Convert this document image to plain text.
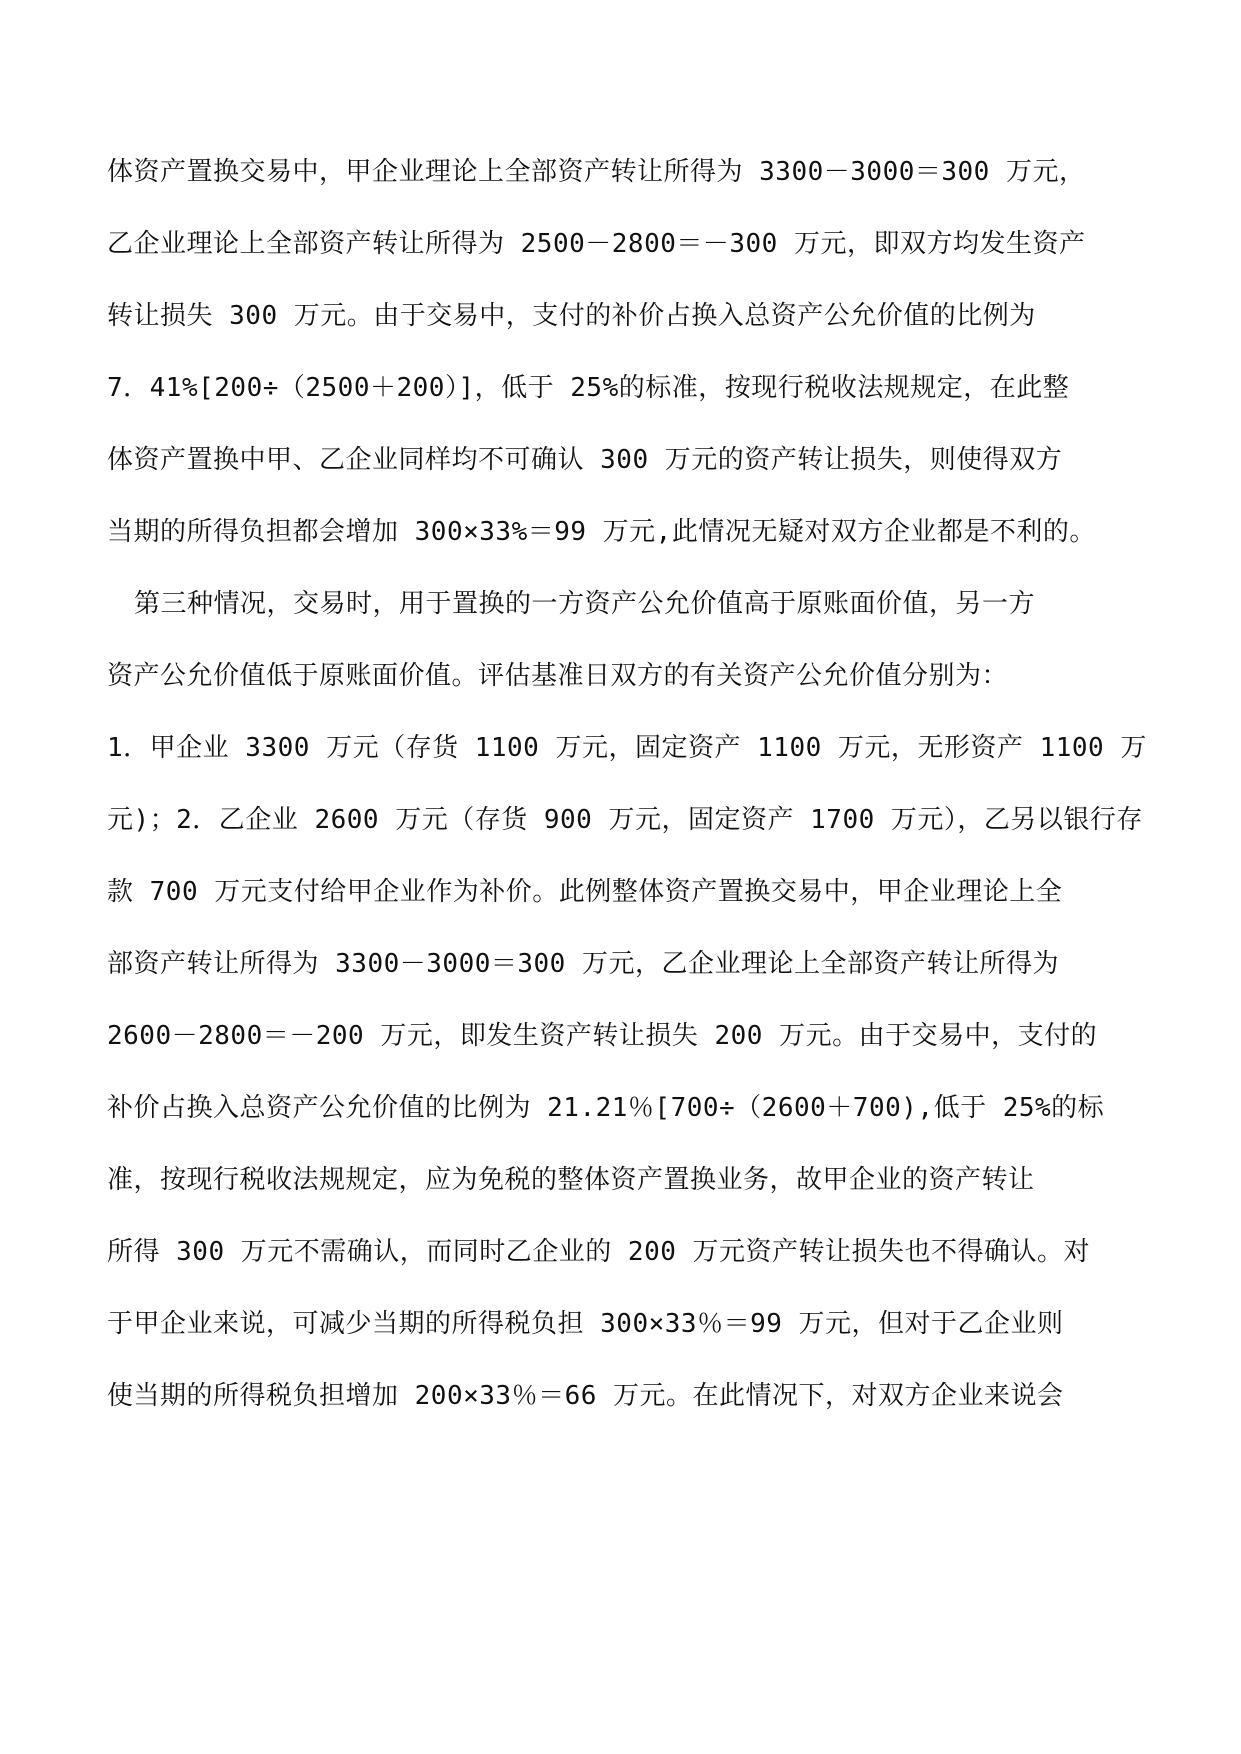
体资产置换交易中，甲企业理论上全部资产转让所得为 3300－3000＝300 万元，
乙企业理论上全部资产转让所得为 2500－2800＝－300 万元，即双方均发生资产
转让损失 300 万元。由于交易中，支付的补价占换入总资产公允价值的比例为
7．41%[200÷（2500＋200）]，低于 25%的标准，按现行税收法规规定，在此整
体资产置换中甲、乙企业同样均不可确认 300 万元的资产转让损失，则使得双方
当期的所得负担都会增加 300×33%＝99 万元,此情况无疑对双方企业都是不利的。
第三种情况，交易时，用于置换的一方资产公允价值高于原账面价值，另一方
资产公允价值低于原账面价值。评估基准日双方的有关资产公允价值分别为：
1．甲企业 3300 万元（存货 1100 万元，固定资产 1100 万元，无形资产 1100 万
元)；2．乙企业 2600 万元（存货 900 万元，固定资产 1700 万元），乙另以银行存
款 700 万元支付给甲企业作为补价。此例整体资产置换交易中，甲企业理论上全
部资产转让所得为 3300－3000＝300 万元，乙企业理论上全部资产转让所得为
2600－2800＝－200 万元，即发生资产转让损失 200 万元。由于交易中，支付的
补价占换入总资产公允价值的比例为 21.21％[700÷（2600＋700),低于 25%的标
准，按现行税收法规规定，应为免税的整体资产置换业务，故甲企业的资产转让
所得 300 万元不需确认，而同时乙企业的 200 万元资产转让损失也不得确认。对
于甲企业来说，可减少当期的所得税负担 300×33％＝99 万元，但对于乙企业则
使当期的所得税负担增加 200×33％＝66 万元。在此情况下，对双方企业来说会
